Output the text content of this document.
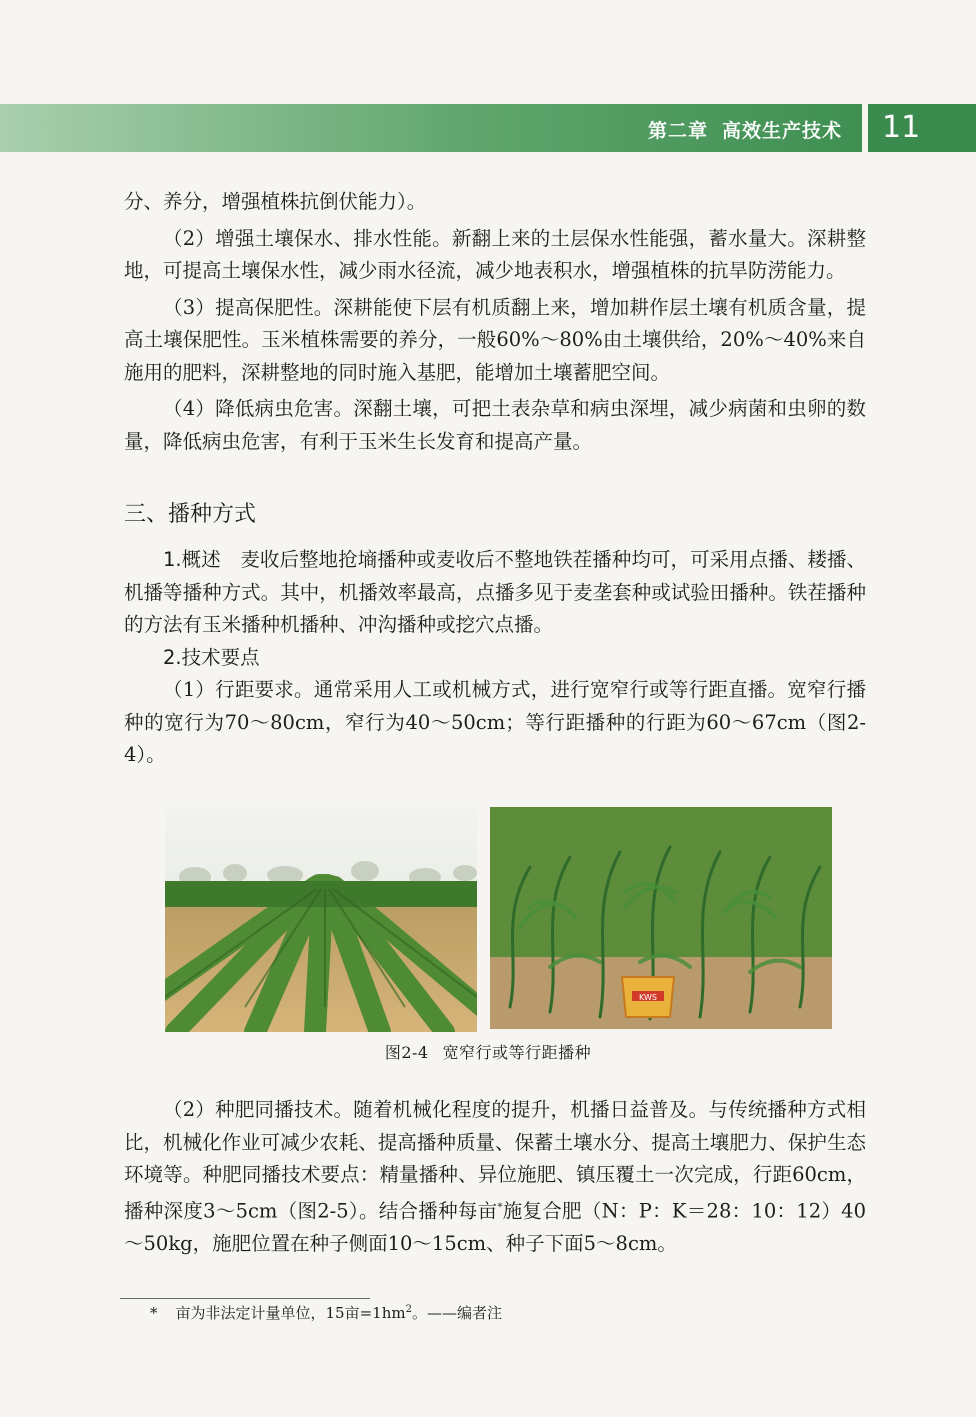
第二章 高效生产技术 11

分、养分，增强植株抗倒伏能力）。

（2）增强土壤保水、排水性能。新翻上来的土层保水性能强，蓄水量大。深耕整地，可提高土壤保水性，减少雨水径流，减少地表积水，增强植株的抗旱防涝能力。

（3）提高保肥性。深耕能使下层有机质翻上来，增加耕作层土壤有机质含量，提高土壤保肥性。玉米植株需要的养分，一般60%～80%由土壤供给，20%～40%来自施用的肥料，深耕整地的同时施入基肥，能增加土壤蓄肥空间。

（4）降低病虫危害。深翻土壤，可把土表杂草和病虫深埋，减少病菌和虫卵的数量，降低病虫危害，有利于玉米生长发育和提高产量。

三、播种方式

1.概述  麦收后整地抢墒播种或麦收后不整地铁茬播种均可，可采用点播、耧播、机播等播种方式。其中，机播效率最高，点播多见于麦垄套种或试验田播种。铁茬播种的方法有玉米播种机播种、冲沟播种或挖穴点播。

2.技术要点

（1）行距要求。通常采用人工或机械方式，进行宽窄行或等行距直播。宽窄行播种的宽行为70～80cm，窄行为40～50cm；等行距播种的行距为60～67cm（图2-4）。

KWS
图2-4 宽窄行或等行距播种

（2）种肥同播技术。随着机械化程度的提升，机播日益普及。与传统播种方式相比，机械化作业可减少农耗、提高播种质量、保蓄土壤水分、提高土壤肥力、保护生态环境等。种肥同播技术要点：精量播种、异位施肥、镇压覆土一次完成，行距60cm，播种深度3～5cm（图2-5）。结合播种每亩*施复合肥（N：P：K＝28：10：12）40～50kg，施肥位置在种子侧面10～15cm、种子下面5～8cm。

* 亩为非法定计量单位，15亩$=1hm^2$。——编者注
